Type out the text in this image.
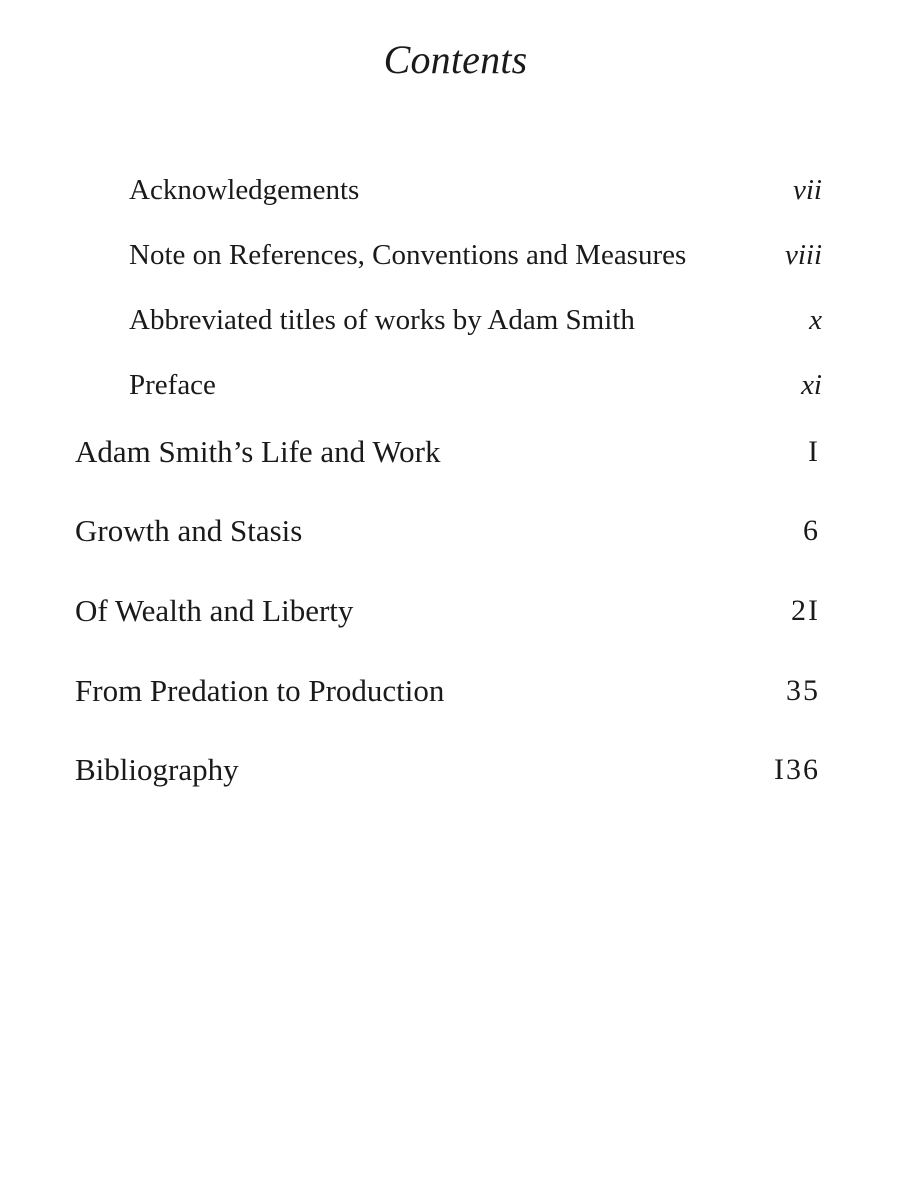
Contents
Acknowledgements	vii
Note on References, Conventions and Measures	viii
Abbreviated titles of works by Adam Smith	x
Preface	xi
Adam Smith’s Life and Work	I
Growth and Stasis	6
Of Wealth and Liberty	2I
From Predation to Production	35
Bibliography	I36
